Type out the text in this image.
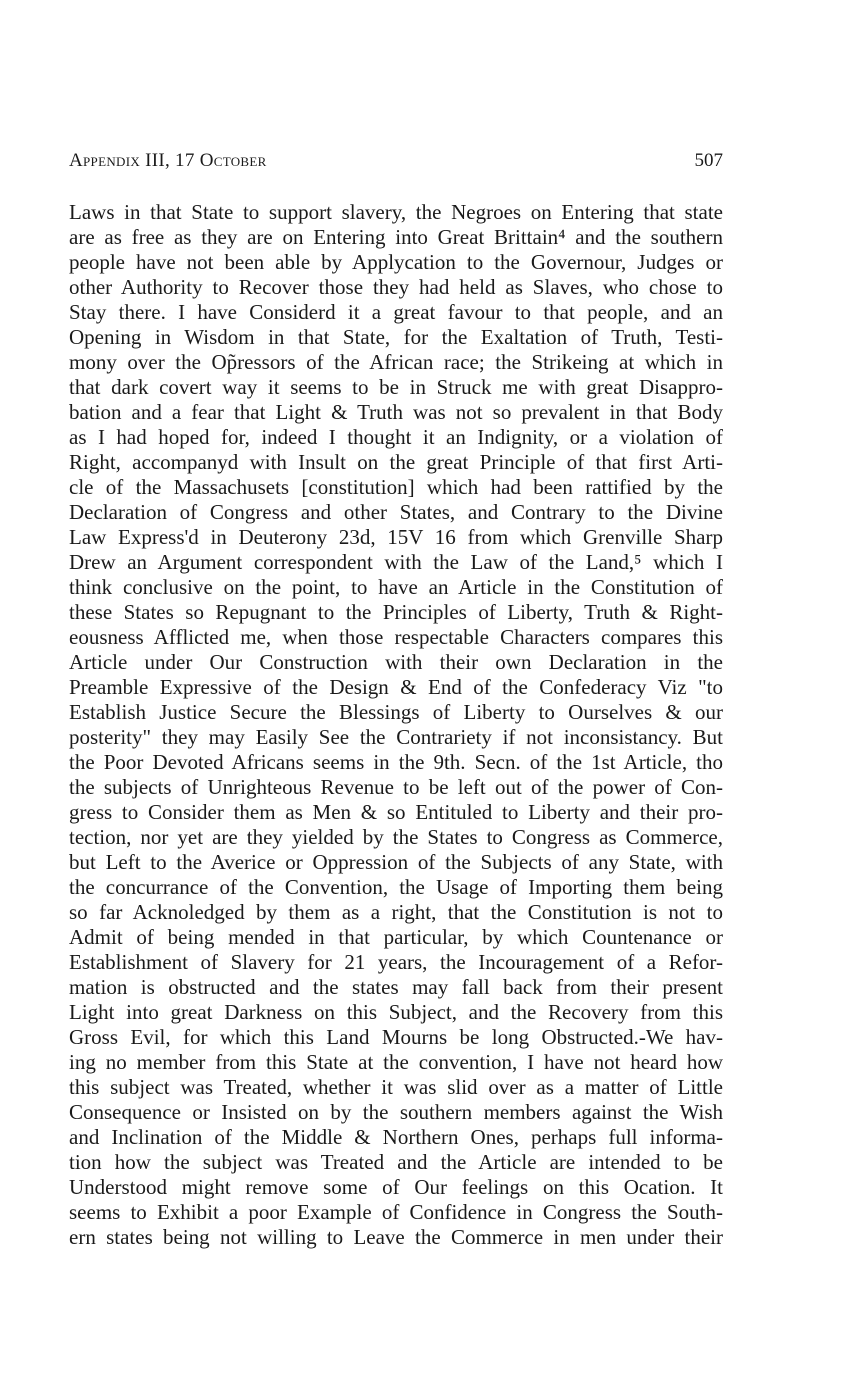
Appendix III, 17 October	507
Laws in that State to support slavery, the Negroes on Entering that state
are as free as they are on Entering into Great Brittain⁴ and the southern
people have not been able by Applycation to the Governour, Judges or
other Authority to Recover those they had held as Slaves, who chose to
Stay there. I have Considerd it a great favour to that people, and an
Opening in Wisdom in that State, for the Exaltation of Truth, Testi-
mony over the Op̃ressors of the African race; the Strikeing at which in
that dark covert way it seems to be in Struck me with great Disappro-
bation and a fear that Light & Truth was not so prevalent in that Body
as I had hoped for, indeed I thought it an Indignity, or a violation of
Right, accompanyd with Insult on the great Principle of that first Arti-
cle of the Massachusets [constitution] which had been rattified by the
Declaration of Congress and other States, and Contrary to the Divine
Law Express'd in Deuterony 23d, 15V 16 from which Grenville Sharp
Drew an Argument correspondent with the Law of the Land,⁵ which I
think conclusive on the point, to have an Article in the Constitution of
these States so Repugnant to the Principles of Liberty, Truth & Right-
eousness Afflicted me, when those respectable Characters compares this
Article under Our Construction with their own Declaration in the
Preamble Expressive of the Design & End of the Confederacy Viz "to
Establish Justice Secure the Blessings of Liberty to Ourselves & our
posterity" they may Easily See the Contrariety if not inconsistancy. But
the Poor Devoted Africans seems in the 9th. Secn. of the 1st Article, tho
the subjects of Unrighteous Revenue to be left out of the power of Con-
gress to Consider them as Men & so Entituled to Liberty and their pro-
tection, nor yet are they yielded by the States to Congress as Commerce,
but Left to the Averice or Oppression of the Subjects of any State, with
the concurrance of the Convention, the Usage of Importing them being
so far Acknoledged by them as a right, that the Constitution is not to
Admit of being mended in that particular, by which Countenance or
Establishment of Slavery for 21 years, the Incouragement of a Refor-
mation is obstructed and the states may fall back from their present
Light into great Darkness on this Subject, and the Recovery from this
Gross Evil, for which this Land Mourns be long Obstructed.-We hav-
ing no member from this State at the convention, I have not heard how
this subject was Treated, whether it was slid over as a matter of Little
Consequence or Insisted on by the southern members against the Wish
and Inclination of the Middle & Northern Ones, perhaps full informa-
tion how the subject was Treated and the Article are intended to be
Understood might remove some of Our feelings on this Ocation. It
seems to Exhibit a poor Example of Confidence in Congress the South-
ern states being not willing to Leave the Commerce in men under their
